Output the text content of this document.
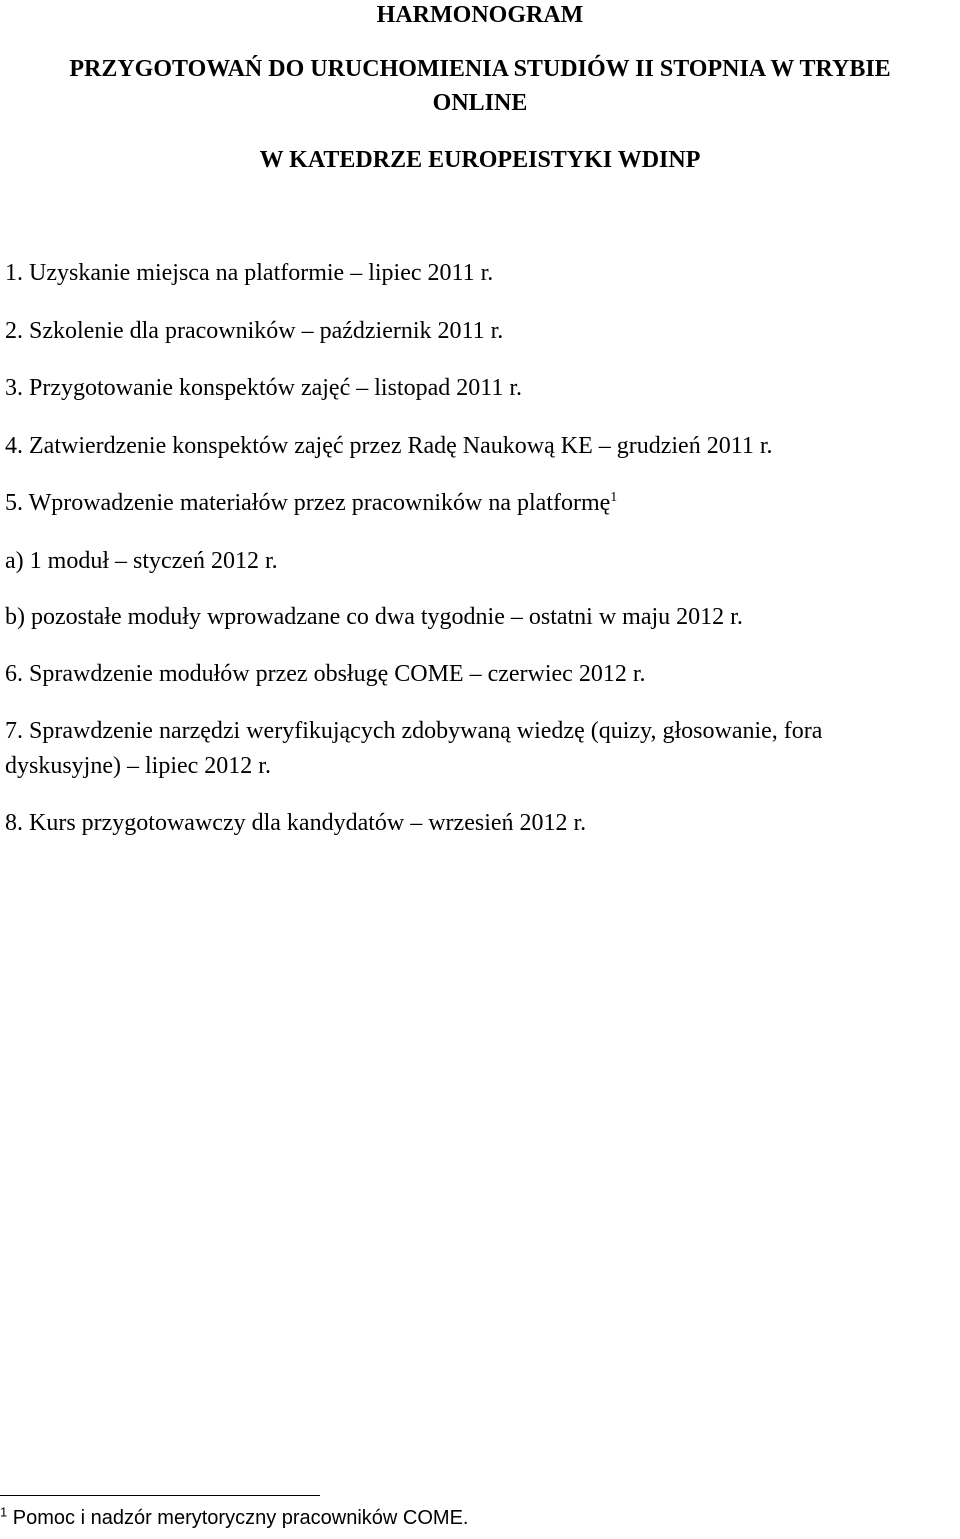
HARMONOGRAM
PRZYGOTOWAŃ DO URUCHOMIENIA STUDIÓW II STOPNIA W TRYBIE
ONLINE
W KATEDRZE EUROPEISTYKI WDINP
1. Uzyskanie miejsca na platformie – lipiec 2011 r.
2. Szkolenie dla pracowników – październik 2011 r.
3. Przygotowanie konspektów zajęć – listopad 2011 r.
4. Zatwierdzenie konspektów zajęć przez Radę Naukową KE – grudzień 2011 r.
5. Wprowadzenie materiałów przez pracowników na platformę$^1$
a) 1 moduł – styczeń 2012 r.
b) pozostałe moduły wprowadzane co dwa tygodnie – ostatni w maju 2012 r.
6. Sprawdzenie modułów przez obsługę COME – czerwiec 2012 r.
7. Sprawdzenie narzędzi weryfikujących zdobywaną wiedzę (quizy, głosowanie, fora
dyskusyjne) – lipiec 2012 r.
8. Kurs przygotowawczy dla kandydatów – wrzesień 2012 r.
$^1$ Pomoc i nadzór merytoryczny pracowników COME.
